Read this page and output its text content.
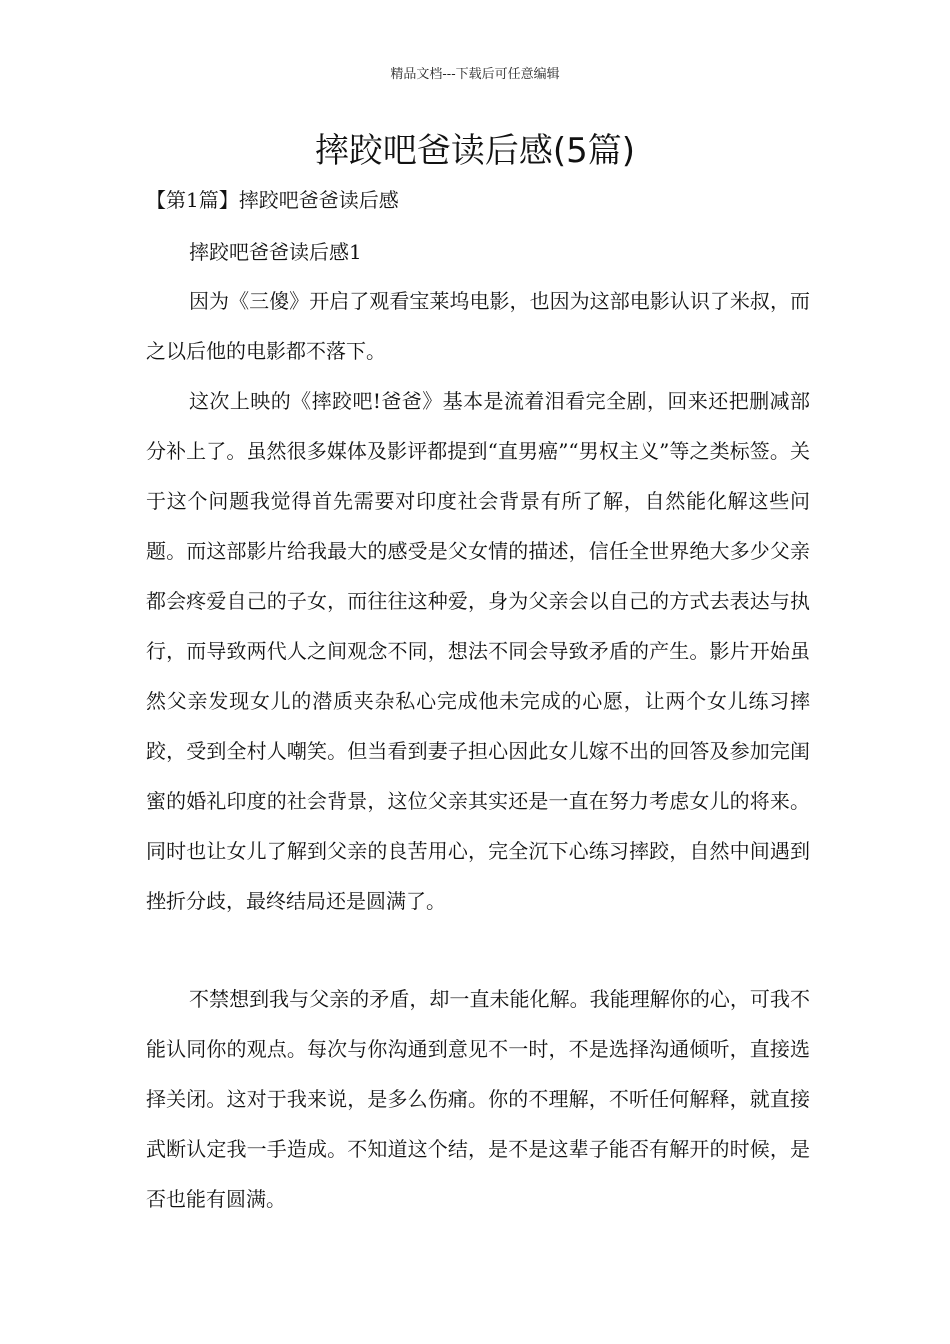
精品文档---下载后可任意编辑
摔跤吧爸读后感(5篇)
【第1篇】摔跤吧爸爸读后感
摔跤吧爸爸读后感1

因为《三傻》开启了观看宝莱坞电影，也因为这部电影认识了米叔，而之以后他的电影都不落下。

这次上映的《摔跤吧!爸爸》基本是流着泪看完全剧，回来还把删减部分补上了。虽然很多媒体及影评都提到“直男癌”“男权主义”等之类标签。关于这个问题我觉得首先需要对印度社会背景有所了解，自然能化解这些问题。而这部影片给我最大的感受是父女情的描述，信任全世界绝大多少父亲都会疼爱自己的子女，而往往这种爱，身为父亲会以自己的方式去表达与执行，而导致两代人之间观念不同，想法不同会导致矛盾的产生。影片开始虽然父亲发现女儿的潜质夹杂私心完成他未完成的心愿，让两个女儿练习摔跤，受到全村人嘲笑。但当看到妻子担心因此女儿嫁不出的回答及参加完闺蜜的婚礼印度的社会背景，这位父亲其实还是一直在努力考虑女儿的将来。同时也让女儿了解到父亲的良苦用心，完全沉下心练习摔跤，自然中间遇到挫折分歧，最终结局还是圆满了。

不禁想到我与父亲的矛盾，却一直未能化解。我能理解你的心，可我不能认同你的观点。每次与你沟通到意见不一时，不是选择沟通倾听，直接选择关闭。这对于我来说，是多么伤痛。你的不理解，不听任何解释，就直接武断认定我一手造成。不知道这个结，是不是这辈子能否有解开的时候，是否也能有圆满。
